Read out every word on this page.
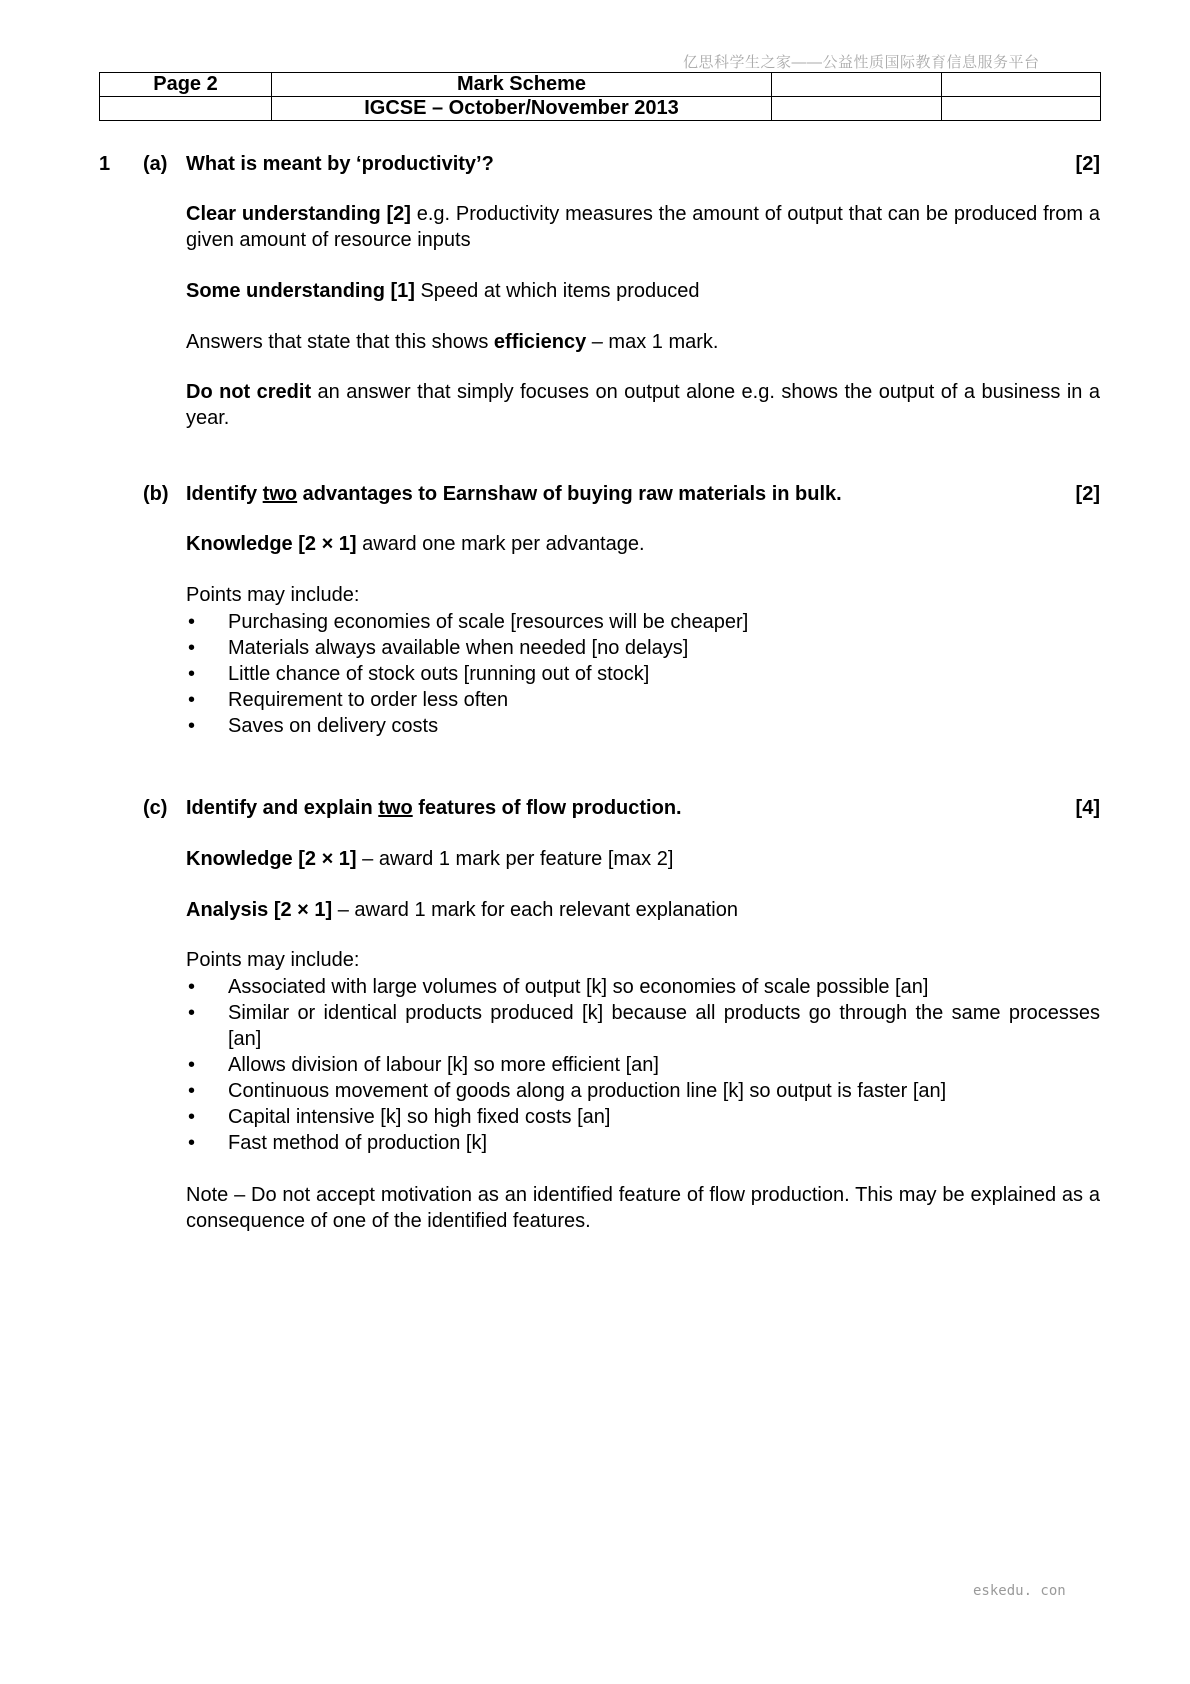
亿思科学生之家——公益性质国际教育信息服务平台
Page 2	Mark Scheme		
	IGCSE – October/November 2013		
1 (a) What is meant by ‘productivity’?	[2]
Clear understanding [2] e.g. Productivity measures the amount of output that can be produced from a given amount of resource inputs
Some understanding [1] Speed at which items produced
Answers that state that this shows efficiency – max 1 mark.
Do not credit an answer that simply focuses on output alone e.g. shows the output of a business in a year.
(b) Identify two advantages to Earnshaw of buying raw materials in bulk.	[2]
Knowledge [2 × 1] award one mark per advantage.
Points may include:
• Purchasing economies of scale [resources will be cheaper]
• Materials always available when needed [no delays]
• Little chance of stock outs [running out of stock]
• Requirement to order less often
• Saves on delivery costs
(c) Identify and explain two features of flow production.	[4]
Knowledge [2 × 1] – award 1 mark per feature [max 2]
Analysis [2 × 1] – award 1 mark for each relevant explanation
Points may include:
• Associated with large volumes of output [k] so economies of scale possible [an]
• Similar or identical products produced [k] because all products go through the same processes [an]
• Allows division of labour [k] so more efficient [an]
• Continuous movement of goods along a production line [k] so output is faster [an]
• Capital intensive [k] so high fixed costs [an]
• Fast method of production [k]
Note – Do not accept motivation as an identified feature of flow production. This may be explained as a consequence of one of the identified features.
eskedu. con
